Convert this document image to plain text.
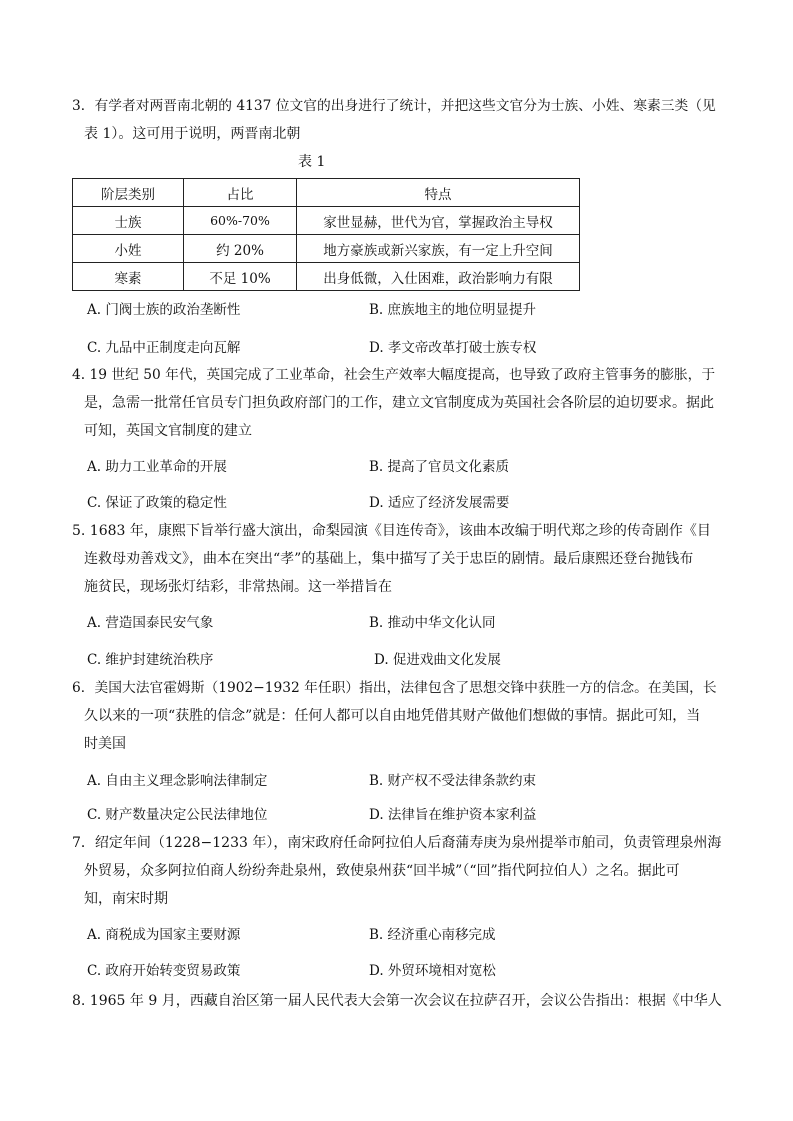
3．有学者对两晋南北朝的 4137 位文官的出身进行了统计，并把这些文官分为士族、小姓、寒素三类（见
表 1）。这可用于说明，两晋南北朝
表 1
阶层类别	占比	特点
士族	60%-70%	家世显赫，世代为官，掌握政治主导权
小姓	约 20%	地方豪族或新兴家族，有一定上升空间
寒素	不足 10%	出身低微，入仕困难，政治影响力有限
A. 门阀士族的政治垄断性	B. 庶族地主的地位明显提升
C. 九品中正制度走向瓦解	D. 孝文帝改革打破士族专权
4. 19 世纪 50 年代，英国完成了工业革命，社会生产效率大幅度提高，也导致了政府主管事务的膨胀，于
是，急需一批常任官员专门担负政府部门的工作，建立文官制度成为英国社会各阶层的迫切要求。据此
可知，英国文官制度的建立
A. 助力工业革命的开展	B. 提高了官员文化素质
C. 保证了政策的稳定性	D. 适应了经济发展需要
5. 1683 年，康熙下旨举行盛大演出，命梨园演《目连传奇》，该曲本改编于明代郑之珍的传奇剧作《目
连救母劝善戏文》，曲本在突出“孝”的基础上，集中描写了关于忠臣的剧情。最后康熙还登台抛钱布
施贫民，现场张灯结彩，非常热闹。这一举措旨在
A. 营造国泰民安气象	B. 推动中华文化认同
C. 维护封建统治秩序	D. 促进戏曲文化发展
6．美国大法官霍姆斯（1902−1932 年任职）指出，法律包含了思想交锋中获胜一方的信念。在美国，长
久以来的一项“获胜的信念”就是：任何人都可以自由地凭借其财产做他们想做的事情。据此可知，当
时美国
A. 自由主义理念影响法律制定	B. 财产权不受法律条款约束
C. 财产数量决定公民法律地位	D. 法律旨在维护资本家利益
7．绍定年间（1228−1233 年），南宋政府任命阿拉伯人后裔蒲寿庚为泉州提举市舶司，负责管理泉州海
外贸易，众多阿拉伯商人纷纷奔赴泉州，致使泉州获“回半城”（“回”指代阿拉伯人）之名。据此可
知，南宋时期
A. 商税成为国家主要财源	B. 经济重心南移完成
C. 政府开始转变贸易政策	D. 外贸环境相对宽松
8. 1965 年 9 月，西藏自治区第一届人民代表大会第一次会议在拉萨召开，会议公告指出：根据《中华人
